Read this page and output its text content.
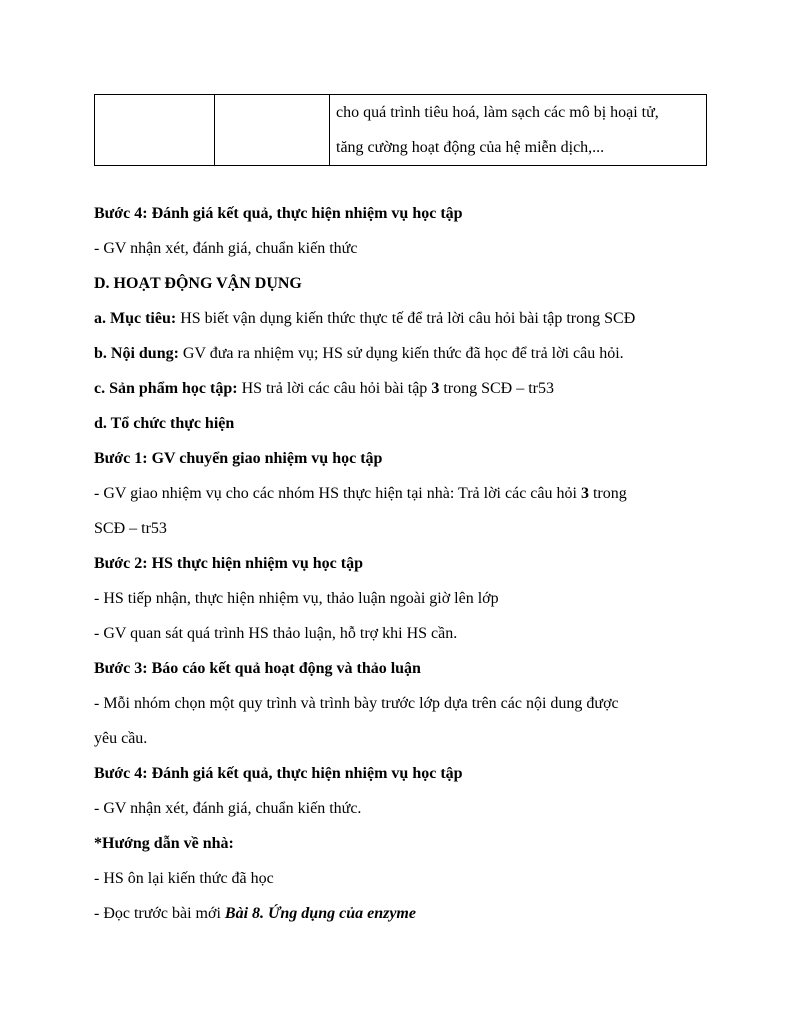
cho quá trình tiêu hoá, làm sạch các mô bị hoại tử,
tăng cường hoạt động của hệ miễn dịch,...

Bước 4: Đánh giá kết quả, thực hiện nhiệm vụ học tập

- GV nhận xét, đánh giá, chuẩn kiến thức

D. HOẠT ĐỘNG VẬN DỤNG

a. Mục tiêu: HS biết vận dụng kiến thức thực tế để trả lời câu hỏi bài tập trong SCĐ

b. Nội dung: GV đưa ra nhiệm vụ; HS sử dụng kiến thức đã học để trả lời câu hỏi.

c. Sản phẩm học tập: HS trả lời các câu hỏi bài tập 3 trong SCĐ – tr53

d. Tổ chức thực hiện

Bước 1: GV chuyển giao nhiệm vụ học tập

- GV giao nhiệm vụ cho các nhóm HS thực hiện tại nhà: Trả lời các câu hỏi 3 trong

SCĐ – tr53

Bước 2: HS thực hiện nhiệm vụ học tập

- HS tiếp nhận, thực hiện nhiệm vụ, thảo luận ngoài giờ lên lớp

- GV quan sát quá trình HS thảo luận, hỗ trợ khi HS cần.

Bước 3: Báo cáo kết quả hoạt động và thảo luận

- Mỗi nhóm chọn một quy trình và trình bày trước lớp dựa trên các nội dung được

yêu cầu.

Bước 4: Đánh giá kết quả, thực hiện nhiệm vụ học tập

- GV nhận xét, đánh giá, chuẩn kiến thức.

*Hướng dẫn về nhà:

- HS ôn lại kiến thức đã học

- Đọc trước bài mới Bài 8. Ứng dụng của enzyme
